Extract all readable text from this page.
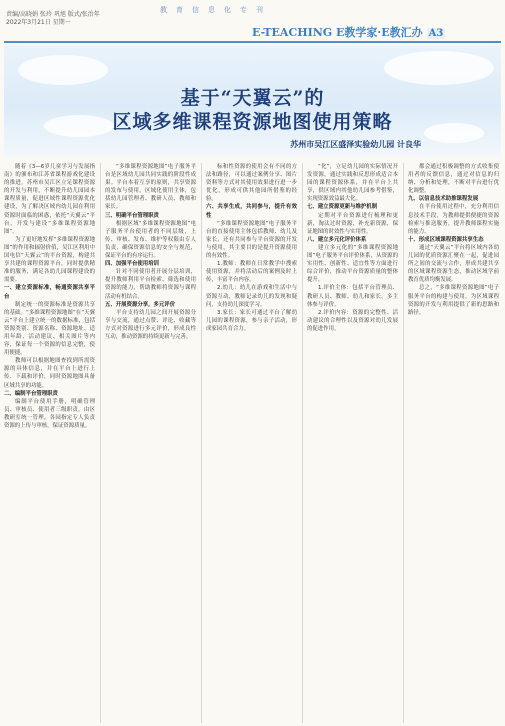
教育信息化专刊
责编/高晓娟 张玲 巩旭 版式/张治年
2022年3月21日 星期一
E-TEACHING E教学家·E教汇办 A3
基于“天翼云”的
区域多维课程资源地图使用策略
苏州市吴江区盛泽实验幼儿园 计良华

随着《3—6岁儿童学习与发展指南》的颁布和江苏省课程游戏化建设的推进，苏州市吴江区立足课程资源的开发与利用，不断提升幼儿园园本课程质量，促进区域性课程资源优化建设，为了解决区域内幼儿园在利用资源时面临的困惑，依托“天翼云”平台，开发与建设“多维课程资源地图”。

为了更好地发挥“多维课程资源地图”的作用和辐射价值，吴江区利用中国电信“天翼云”的平台资源，构建共享共建的课程资源平台，同时提供精准的服务，满足各幼儿园课程建设的需要。

一、建立资源标准，畅通资源共享平台

制定统一的资源标准是资源共享的基础。“多维课程资源地图”在“天翼云”平台上建立统一的数据标准，包括资源类别、资源名称、资源地址、适用年龄、活动建议、相关图片等内容，保证每一个资源的信息完整，使用便捷。

教师可以根据地图查找到所需资源的具体信息，并在平台上进行上传、下载和评价，同时资源地图具备区域共享的功能。

二、编制平台管理职责

编制平台使用手册，明确管理员、审核员、使用者三级职责，由区教研室统一管理，各园指定专人负责资源的上传与审核，保证资源质量。

“多维课程资源地图”电子服务平台是区域幼儿园共同实践的阶段性成果。平台本着互享的原则，共享资源的发布与使用，区域化使用主体，包括幼儿园管理者、教研人员、教师和家长。

三、明确平台管理职责

根据区域“多维课程资源地图”电子服务平台使用者的不同层级，上传、审核、发布、维护等权限由专人负责，确保资源信息的安全与规范，保证平台的有序运行。

四、加强平台使用培训

针对不同使用者开展分层培训，提升教师利用平台检索、筛选和使用资源的能力，帮助教师将资源与课程活动有机结合。

五、开展资源分享，多元评价

平台支持幼儿园之间开展资源分享与交流，通过点赞、评论、收藏等方式对资源进行多元评价，形成良性互动，推动资源的持续更新与完善。

标和性资源的使用会有不同的方法和路径，可以通过案例分享、图片资料等方式对其使用效果进行进一步优化，形成可供其他园所借鉴的经验。

六、共享生成，共同参与，提升有效性

“多维课程资源地图”电子服务平台的直接使用主体包括教师、幼儿及家长，还有共同参与平台资源的开发与使用，其主要目的是提升资源使用的有效性。

1.教师：教师在日常教学中搜索使用资源，并将活动后的案例及时上传，丰富平台内容。

2.幼儿：幼儿在游戏和生活中与资源互动，教师记录幼儿的发现和疑问，支持幼儿深度学习。

3.家长：家长可通过平台了解幼儿园的课程资源，参与亲子活动，形成家园共育合力。

“化”，立足幼儿园的实际情况开发资源，通过实践和反思形成适合本园的课程资源体系，并在平台上共享，供区域内其他幼儿园参考借鉴，实现资源效益最大化。

七、建立资源更新与维护机制

定期对平台资源进行梳理和更新，淘汰过时资源，补充新资源，保证地图的时效性与实用性。

八、建立多元化评价体系

建立多元化的“多维课程资源地图”电子服务平台评价体系，从资源的实用性、创新性、适宜性等方面进行综合评价，推动平台资源质量的整体提升。

1.评价主体：包括平台管理员、教研人员、教师、幼儿和家长，多主体参与评价。

2.评价内容：资源的完整性、活动建议的合理性以及资源对幼儿发展的促进作用。

都会通过积极调整的方式收集使用者的反馈信息，通过对信息的归纳、分析和处理，不断对平台进行优化调整。

九、以信息技术助推课程发展

在平台使用过程中，充分利用信息技术手段，为教师提供便捷的资源检索与推送服务，提升教师课程实施的能力。

十、形成区域课程资源共享生态

通过“天翼云”平台将区域内各幼儿园的优质资源汇聚在一起，促进园所之间的交流与合作，形成共建共享的区域课程资源生态，推动区域学前教育优质均衡发展。

总之，“多维课程资源地图”电子服务平台的构建与使用，为区域课程资源的开发与利用提供了新的思路和路径。
